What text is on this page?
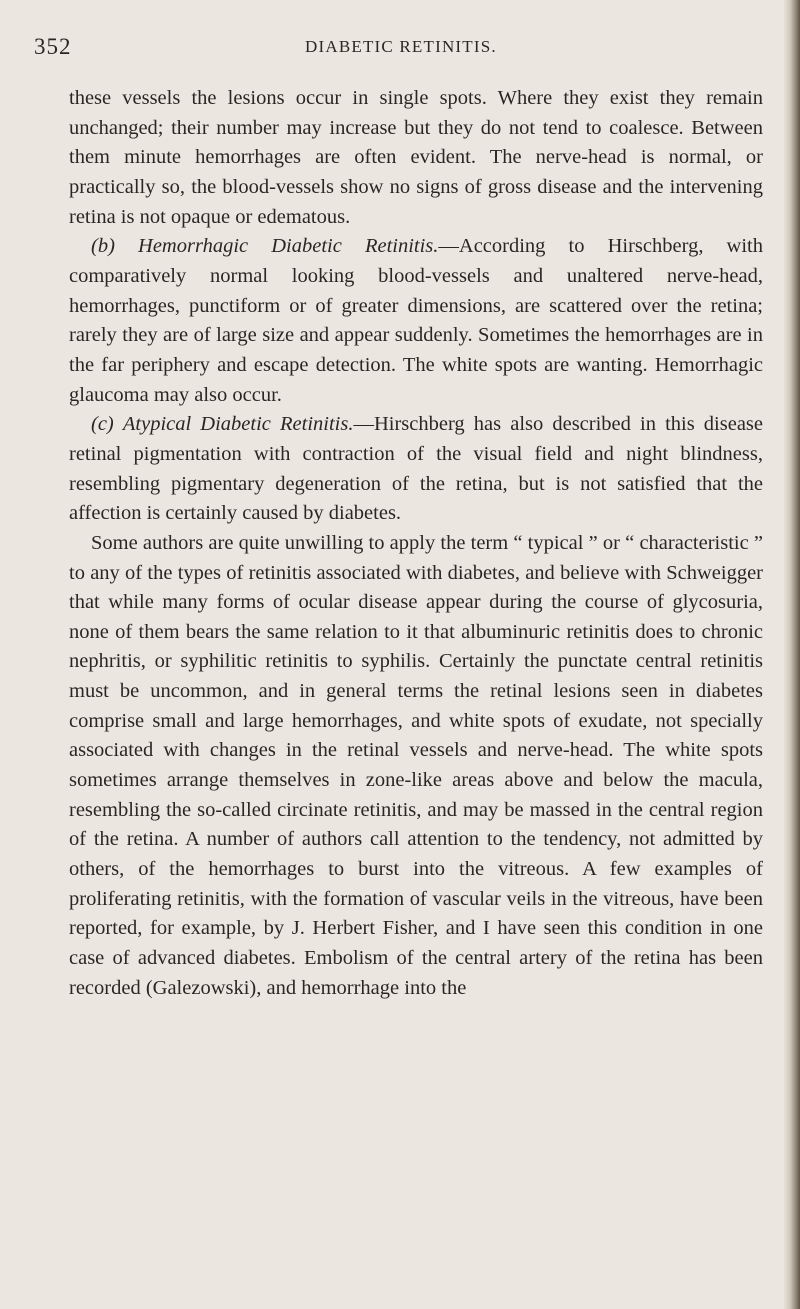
352	DIABETIC RETINITIS.

these vessels the lesions occur in single spots. Where they exist they remain unchanged; their number may increase but they do not tend to coalesce. Between them minute hemorrhages are often evident. The nerve-head is normal, or practically so, the blood-vessels show no signs of gross disease and the intervening retina is not opaque or edematous.

(b) Hemorrhagic Diabetic Retinitis.—According to Hirschberg, with comparatively normal looking blood-vessels and unaltered nerve-head, hemorrhages, punctiform or of greater dimensions, are scattered over the retina; rarely they are of large size and appear suddenly. Sometimes the hemorrhages are in the far periphery and escape detection. The white spots are wanting. Hemorrhagic glaucoma may also occur.

(c) Atypical Diabetic Retinitis.—Hirschberg has also described in this disease retinal pigmentation with contraction of the visual field and night blindness, resembling pigmentary degeneration of the retina, but is not satisfied that the affection is certainly caused by diabetes.

Some authors are quite unwilling to apply the term “ typical ” or “ characteristic ” to any of the types of retinitis associated with diabetes, and believe with Schweigger that while many forms of ocular disease appear during the course of glycosuria, none of them bears the same relation to it that albuminuric retinitis does to chronic nephritis, or syphilitic retinitis to syphilis. Certainly the punctate central retinitis must be uncommon, and in general terms the retinal lesions seen in diabetes comprise small and large hemorrhages, and white spots of exudate, not specially associated with changes in the retinal vessels and nerve-head. The white spots sometimes arrange themselves in zone-like areas above and below the macula, resembling the so-called circinate retinitis, and may be massed in the central region of the retina. A number of authors call attention to the tendency, not admitted by others, of the hemorrhages to burst into the vitreous. A few examples of proliferating retinitis, with the formation of vascular veils in the vitreous, have been reported, for example, by J. Herbert Fisher, and I have seen this condition in one case of advanced diabetes. Embolism of the central artery of the retina has been recorded (Galezowski), and hemorrhage into the
